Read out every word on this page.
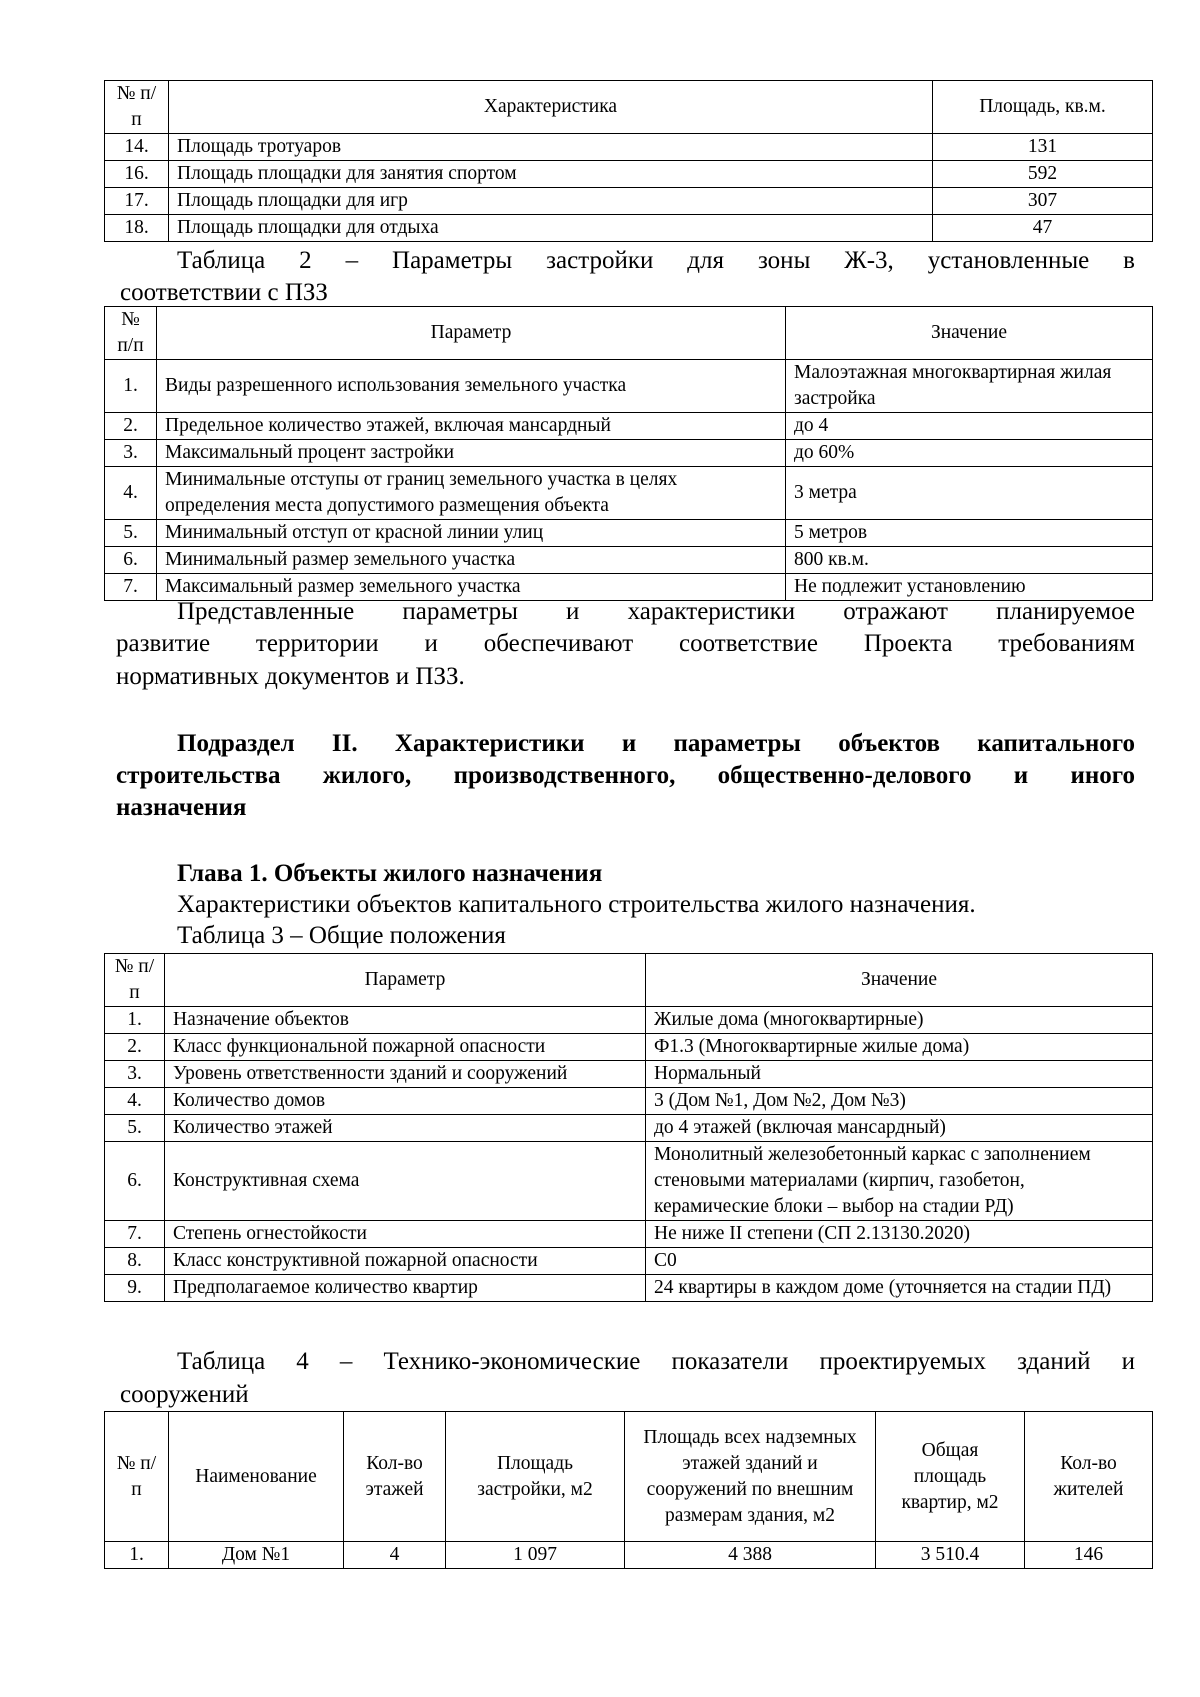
№ п/п	Характеристика	Площадь, кв.м.
14.	Площадь тротуаров	131
16.	Площадь площадки для занятия спортом	592
17.	Площадь площадки для игр	307
18.	Площадь площадки для отдыха	47

Таблица 2 – Параметры застройки для зоны Ж-3, установленные в

соответствии с ПЗЗ

№ п/п	Параметр	Значение
1.	Виды разрешенного использования земельного участка	Малоэтажная многоквартирная жилая застройка
2.	Предельное количество этажей, включая мансардный	до 4
3.	Максимальный процент застройки	до 60%
4.	Минимальные отступы от границ земельного участка в целях определения места допустимого размещения объекта	3 метра
5.	Минимальный отступ от красной линии улиц	5 метров
6.	Минимальный размер земельного участка	800 кв.м.
7.	Максимальный размер земельного участка	Не подлежит установлению

Представленные параметры и характеристики отражают планируемое

развитие территории и обеспечивают соответствие Проекта требованиям

нормативных документов и ПЗЗ.

Подраздел II. Характеристики и параметры объектов капитального

строительства жилого, производственного, общественно-делового и иного

назначения

Глава 1. Объекты жилого назначения

Характеристики объектов капитального строительства жилого назначения.

Таблица 3 – Общие положения

№ п/п	Параметр	Значение
1.	Назначение объектов	Жилые дома (многоквартирные)
2.	Класс функциональной пожарной опасности	Ф1.3 (Многоквартирные жилые дома)
3.	Уровень ответственности зданий и сооружений	Нормальный
4.	Количество домов	3 (Дом №1, Дом №2, Дом №3)
5.	Количество этажей	до 4 этажей (включая мансардный)
6.	Конструктивная схема	Монолитный железобетонный каркас с заполнением стеновыми материалами (кирпич, газобетон, керамические блоки – выбор на стадии РД)
7.	Степень огнестойкости	Не ниже II степени (СП 2.13130.2020)
8.	Класс конструктивной пожарной опасности	С0
9.	Предполагаемое количество квартир	24 квартиры в каждом доме (уточняется на стадии ПД)

Таблица 4 – Технико-экономические показатели проектируемых зданий и

сооружений

№ п/п	Наименование	Кол-во этажей	Площадь застройки, м2	Площадь всех надземных этажей зданий и сооружений по внешним размерам здания, м2	Общая площадь квартир, м2	Кол-во жителей
1.	Дом №1	4	1 097	4 388	3 510.4	146
